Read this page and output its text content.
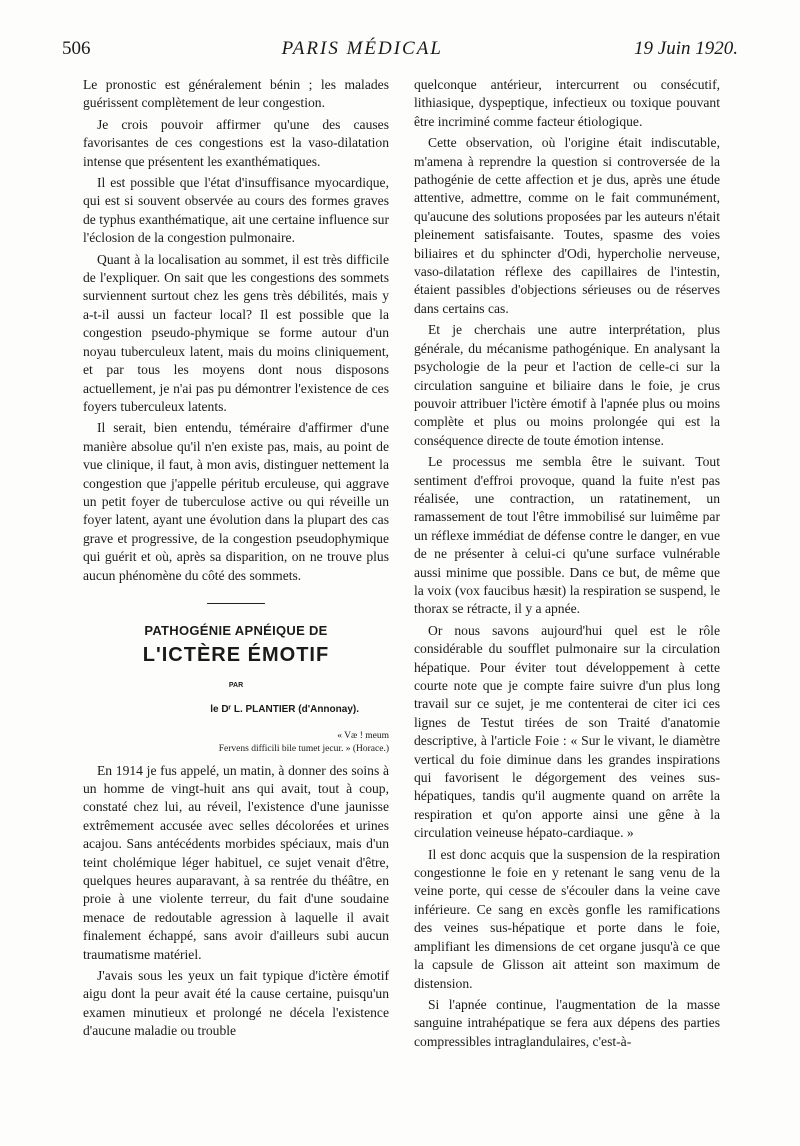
506	PARIS MÉDICAL	19 Juin 1920.

Le pronostic est généralement bénin ; les malades guérissent complètement de leur congestion.

Je crois pouvoir affirmer qu'une des causes favorisantes de ces congestions est la vaso-dilatation intense que présentent les exanthématiques.

Il est possible que l'état d'insuffisance myocardique, qui est si souvent observée au cours des formes graves de typhus exanthématique, ait une certaine influence sur l'éclosion de la congestion pulmonaire.

Quant à la localisation au sommet, il est très difficile de l'expliquer. On sait que les congestions des sommets surviennent surtout chez les gens très débilités, mais y a-t-il aussi un facteur local? Il est possible que la congestion pseudo-phymique se forme autour d'un noyau tuberculeux latent, mais du moins cliniquement, et par tous les moyens dont nous disposons actuellement, je n'ai pas pu démontrer l'existence de ces foyers tuberculeux latents.

Il serait, bien entendu, téméraire d'affirmer d'une manière absolue qu'il n'en existe pas, mais, au point de vue clinique, il faut, à mon avis, distinguer nettement la congestion que j'appelle péritub erculeuse, qui aggrave un petit foyer de tuberculose active ou qui réveille un foyer latent, ayant une évolution dans la plupart des cas grave et progressive, de la congestion pseudophymique qui guérit et où, après sa disparition, on ne trouve plus aucun phénomène du côté des sommets.

PATHOGÉNIE APNÉIQUE DE
L'ICTÈRE ÉMOTIF
PAR
le Dʳ L. PLANTIER (d'Annonay).
« Væ ! meum
Fervens difficili bile tumet jecur. » (Horace.)

En 1914 je fus appelé, un matin, à donner des soins à un homme de vingt-huit ans qui avait, tout à coup, constaté chez lui, au réveil, l'existence d'une jaunisse extrêmement accusée avec selles décolorées et urines acajou. Sans antécédents morbides spéciaux, mais d'un teint cholémique léger habituel, ce sujet venait d'être, quelques heures auparavant, à sa rentrée du théâtre, en proie à une violente terreur, du fait d'une soudaine menace de redoutable agression à laquelle il avait finalement échappé, sans avoir d'ailleurs subi aucun traumatisme matériel.

J'avais sous les yeux un fait typique d'ictère émotif aigu dont la peur avait été la cause certaine, puisqu'un examen minutieux et prolongé ne décela l'existence d'aucune maladie ou trouble

quelconque antérieur, intercurrent ou consécutif, lithiasique, dyspeptique, infectieux ou toxique pouvant être incriminé comme facteur étiologique.

Cette observation, où l'origine était indiscutable, m'amena à reprendre la question si controversée de la pathogénie de cette affection et je dus, après une étude attentive, admettre, comme on le fait communément, qu'aucune des solutions proposées par les auteurs n'était pleinement satisfaisante. Toutes, spasme des voies biliaires et du sphincter d'Odi, hypercholie nerveuse, vaso-dilatation réflexe des capillaires de l'intestin, étaient passibles d'objections sérieuses ou de réserves dans certains cas.

Et je cherchais une autre interprétation, plus générale, du mécanisme pathogénique. En analysant la psychologie de la peur et l'action de celle-ci sur la circulation sanguine et biliaire dans le foie, je crus pouvoir attribuer l'ictère émotif à l'apnée plus ou moins complète et plus ou moins prolongée qui est la conséquence directe de toute émotion intense.

Le processus me sembla être le suivant. Tout sentiment d'effroi provoque, quand la fuite n'est pas réalisée, une contraction, un ratatinement, un ramassement de tout l'être immobilisé sur luimême par un réflexe immédiat de défense contre le danger, en vue de ne présenter à celui-ci qu'une surface vulnérable aussi minime que possible. Dans ce but, de même que la voix (vox faucibus hæsit) la respiration se suspend, le thorax se rétracte, il y a apnée.

Or nous savons aujourd'hui quel est le rôle considérable du soufflet pulmonaire sur la circulation hépatique. Pour éviter tout développement à cette courte note que je compte faire suivre d'un plus long travail sur ce sujet, je me contenterai de citer ici ces lignes de Testut tirées de son Traité d'anatomie descriptive, à l'article Foie : « Sur le vivant, le diamètre vertical du foie diminue dans les grandes inspirations qui favorisent le dégorgement des veines sus-hépatiques, tandis qu'il augmente quand on arrête la respiration et qu'on apporte ainsi une gêne à la circulation veineuse hépato-cardiaque. »

Il est donc acquis que la suspension de la respiration congestionne le foie en y retenant le sang venu de la veine porte, qui cesse de s'écouler dans la veine cave inférieure. Ce sang en excès gonfle les ramifications des veines sus-hépatique et porte dans le foie, amplifiant les dimensions de cet organe jusqu'à ce que la capsule de Glisson ait atteint son maximum de distension.

Si l'apnée continue, l'augmentation de la masse sanguine intrahépatique se fera aux dépens des parties compressibles intraglandulaires, c'est-à-
